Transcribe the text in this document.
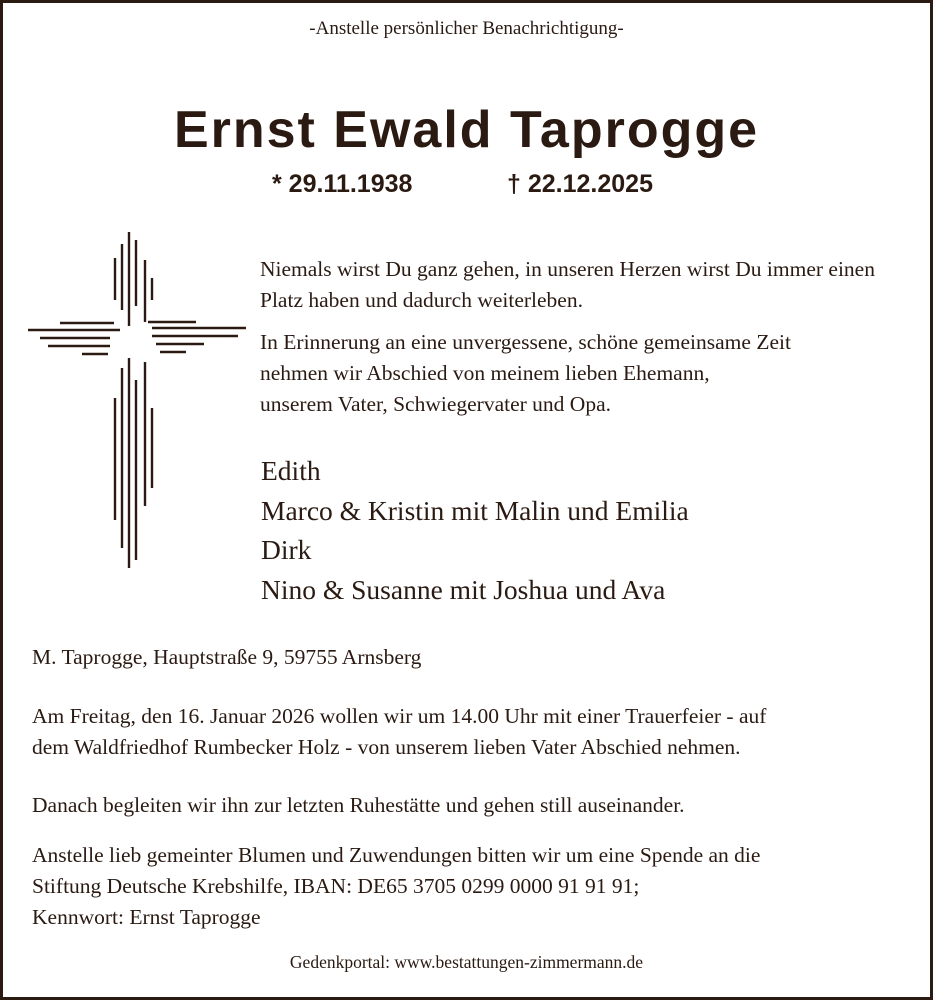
-Anstelle persönlicher Benachrichtigung-
Ernst Ewald Taprogge
* 29.11.1938	† 22.12.2025
Niemals wirst Du ganz gehen, in unseren Herzen wirst Du immer einen Platz haben und dadurch weiterleben.
In Erinnerung an eine unvergessene, schöne gemeinsame Zeit
nehmen wir Abschied von meinem lieben Ehemann,
unserem Vater, Schwiegervater und Opa.
Edith
Marco & Kristin mit Malin und Emilia
Dirk
Nino & Susanne mit Joshua und Ava
M. Taprogge, Hauptstraße 9, 59755 Arnsberg
Am Freitag, den 16. Januar 2026 wollen wir um 14.00 Uhr mit einer Trauerfeier - auf
dem Waldfriedhof Rumbecker Holz - von unserem lieben Vater Abschied nehmen.
Danach begleiten wir ihn zur letzten Ruhestätte und gehen still auseinander.
Anstelle lieb gemeinter Blumen und Zuwendungen bitten wir um eine Spende an die
Stiftung Deutsche Krebshilfe, IBAN: DE65 3705 0299 0000 91 91 91;
Kennwort: Ernst Taprogge
Gedenkportal: www.bestattungen-zimmermann.de
